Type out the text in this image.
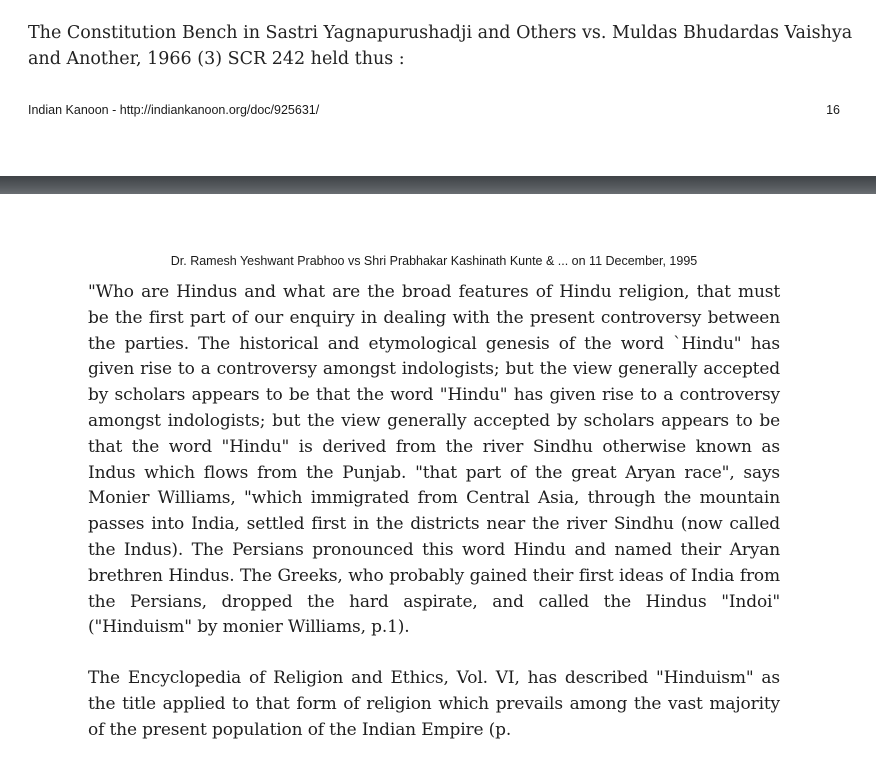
The Constitution Bench in Sastri Yagnapurushadji and Others vs. Muldas Bhudardas Vaishya and Another, 1966 (3) SCR 242 held thus :

Indian Kanoon - http://indiankanoon.org/doc/925631/	16
Dr. Ramesh Yeshwant Prabhoo vs Shri Prabhakar Kashinath Kunte & ... on 11 December, 1995

"Who are Hindus and what are the broad features of Hindu religion, that must be the first part of our enquiry in dealing with the present controversy between the parties. The historical and etymological genesis of the word `Hindu" has given rise to a controversy amongst indologists; but the view generally accepted by scholars appears to be that the word "Hindu" has given rise to a controversy amongst indologists; but the view generally accepted by scholars appears to be that the word "Hindu" is derived from the river Sindhu otherwise known as Indus which flows from the Punjab. "that part of the great Aryan race", says Monier Williams, "which immigrated from Central Asia, through the mountain passes into India, settled first in the districts near the river Sindhu (now called the Indus). The Persians pronounced this word Hindu and named their Aryan brethren Hindus. The Greeks, who probably gained their first ideas of India from the Persians, dropped the hard aspirate, and called the Hindus "Indoi" ("Hinduism" by monier Williams, p.1).

The Encyclopedia of Religion and Ethics, Vol. VI, has described "Hinduism" as the title applied to that form of religion which prevails among the vast majority of the present population of the Indian Empire (p.
